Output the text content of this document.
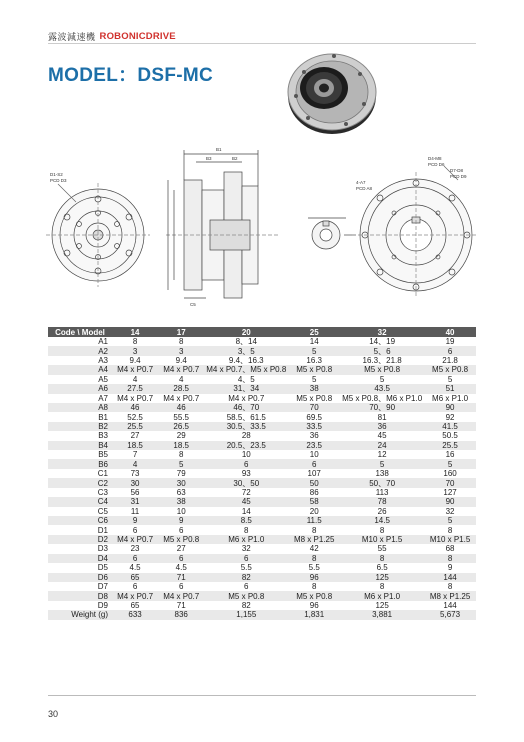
露波減速機 ROBONICDRIVE
MODEL：DSF-MC
D1-S2
PCD D3
B1
B3	B2
C5
D4-M8
PCD D6
D7-D8
PCD D9
4-A7
PCD A8
Code \ Model	14	17	20	25	32	40
A1	8	8	8、14	14	14、19	19
A2	3	3	3、5	5	5、6	6
A3	9.4	9.4	9.4、16.3	16.3	16.3、21.8	21.8
A4	M4 x P0.7	M4 x P0.7	M4 x P0.7、M5 x P0.8	M5 x P0.8	M5 x P0.8	M5 x P0.8
A5	4	4	4、5	5	5	5
A6	27.5	28.5	31、34	38	43.5	51
A7	M4 x P0.7	M4 x P0.7	M4 x P0.7	M5 x P0.8	M5 x P0.8、M6 x P1.0	M6 x P1.0
A8	46	46	46、70	70	70、90	90
B1	52.5	55.5	58.5、61.5	69.5	81	92
B2	25.5	26.5	30.5、33.5	33.5	36	41.5
B3	27	29	28	36	45	50.5
B4	18.5	18.5	20.5、23.5	23.5	24	25.5
B5	7	8	10	10	12	16
B6	4	5	6	6	5	5
C1	73	79	93	107	138	160
C2	30	30	30、50	50	50、70	70
C3	56	63	72	86	113	127
C4	31	38	45	58	78	90
C5	11	10	14	20	26	32
C6	9	9	8.5	11.5	14.5	5
D1	6	6	8	8	8	8
D2	M4 x P0.7	M5 x P0.8	M6 x P1.0	M8 x P1.25	M10 x P1.5	M10 x P1.5
D3	23	27	32	42	55	68
D4	6	6	6	8	8	8
D5	4.5	4.5	5.5	5.5	6.5	9
D6	65	71	82	96	125	144
D7	6	6	6	8	8	8
D8	M4 x P0.7	M4 x P0.7	M5 x P0.8	M5 x P0.8	M6 x P1.0	M8 x P1.25
D9	65	71	82	96	125	144
Weight (g)	633	836	1,155	1,831	3,881	5,673
30
